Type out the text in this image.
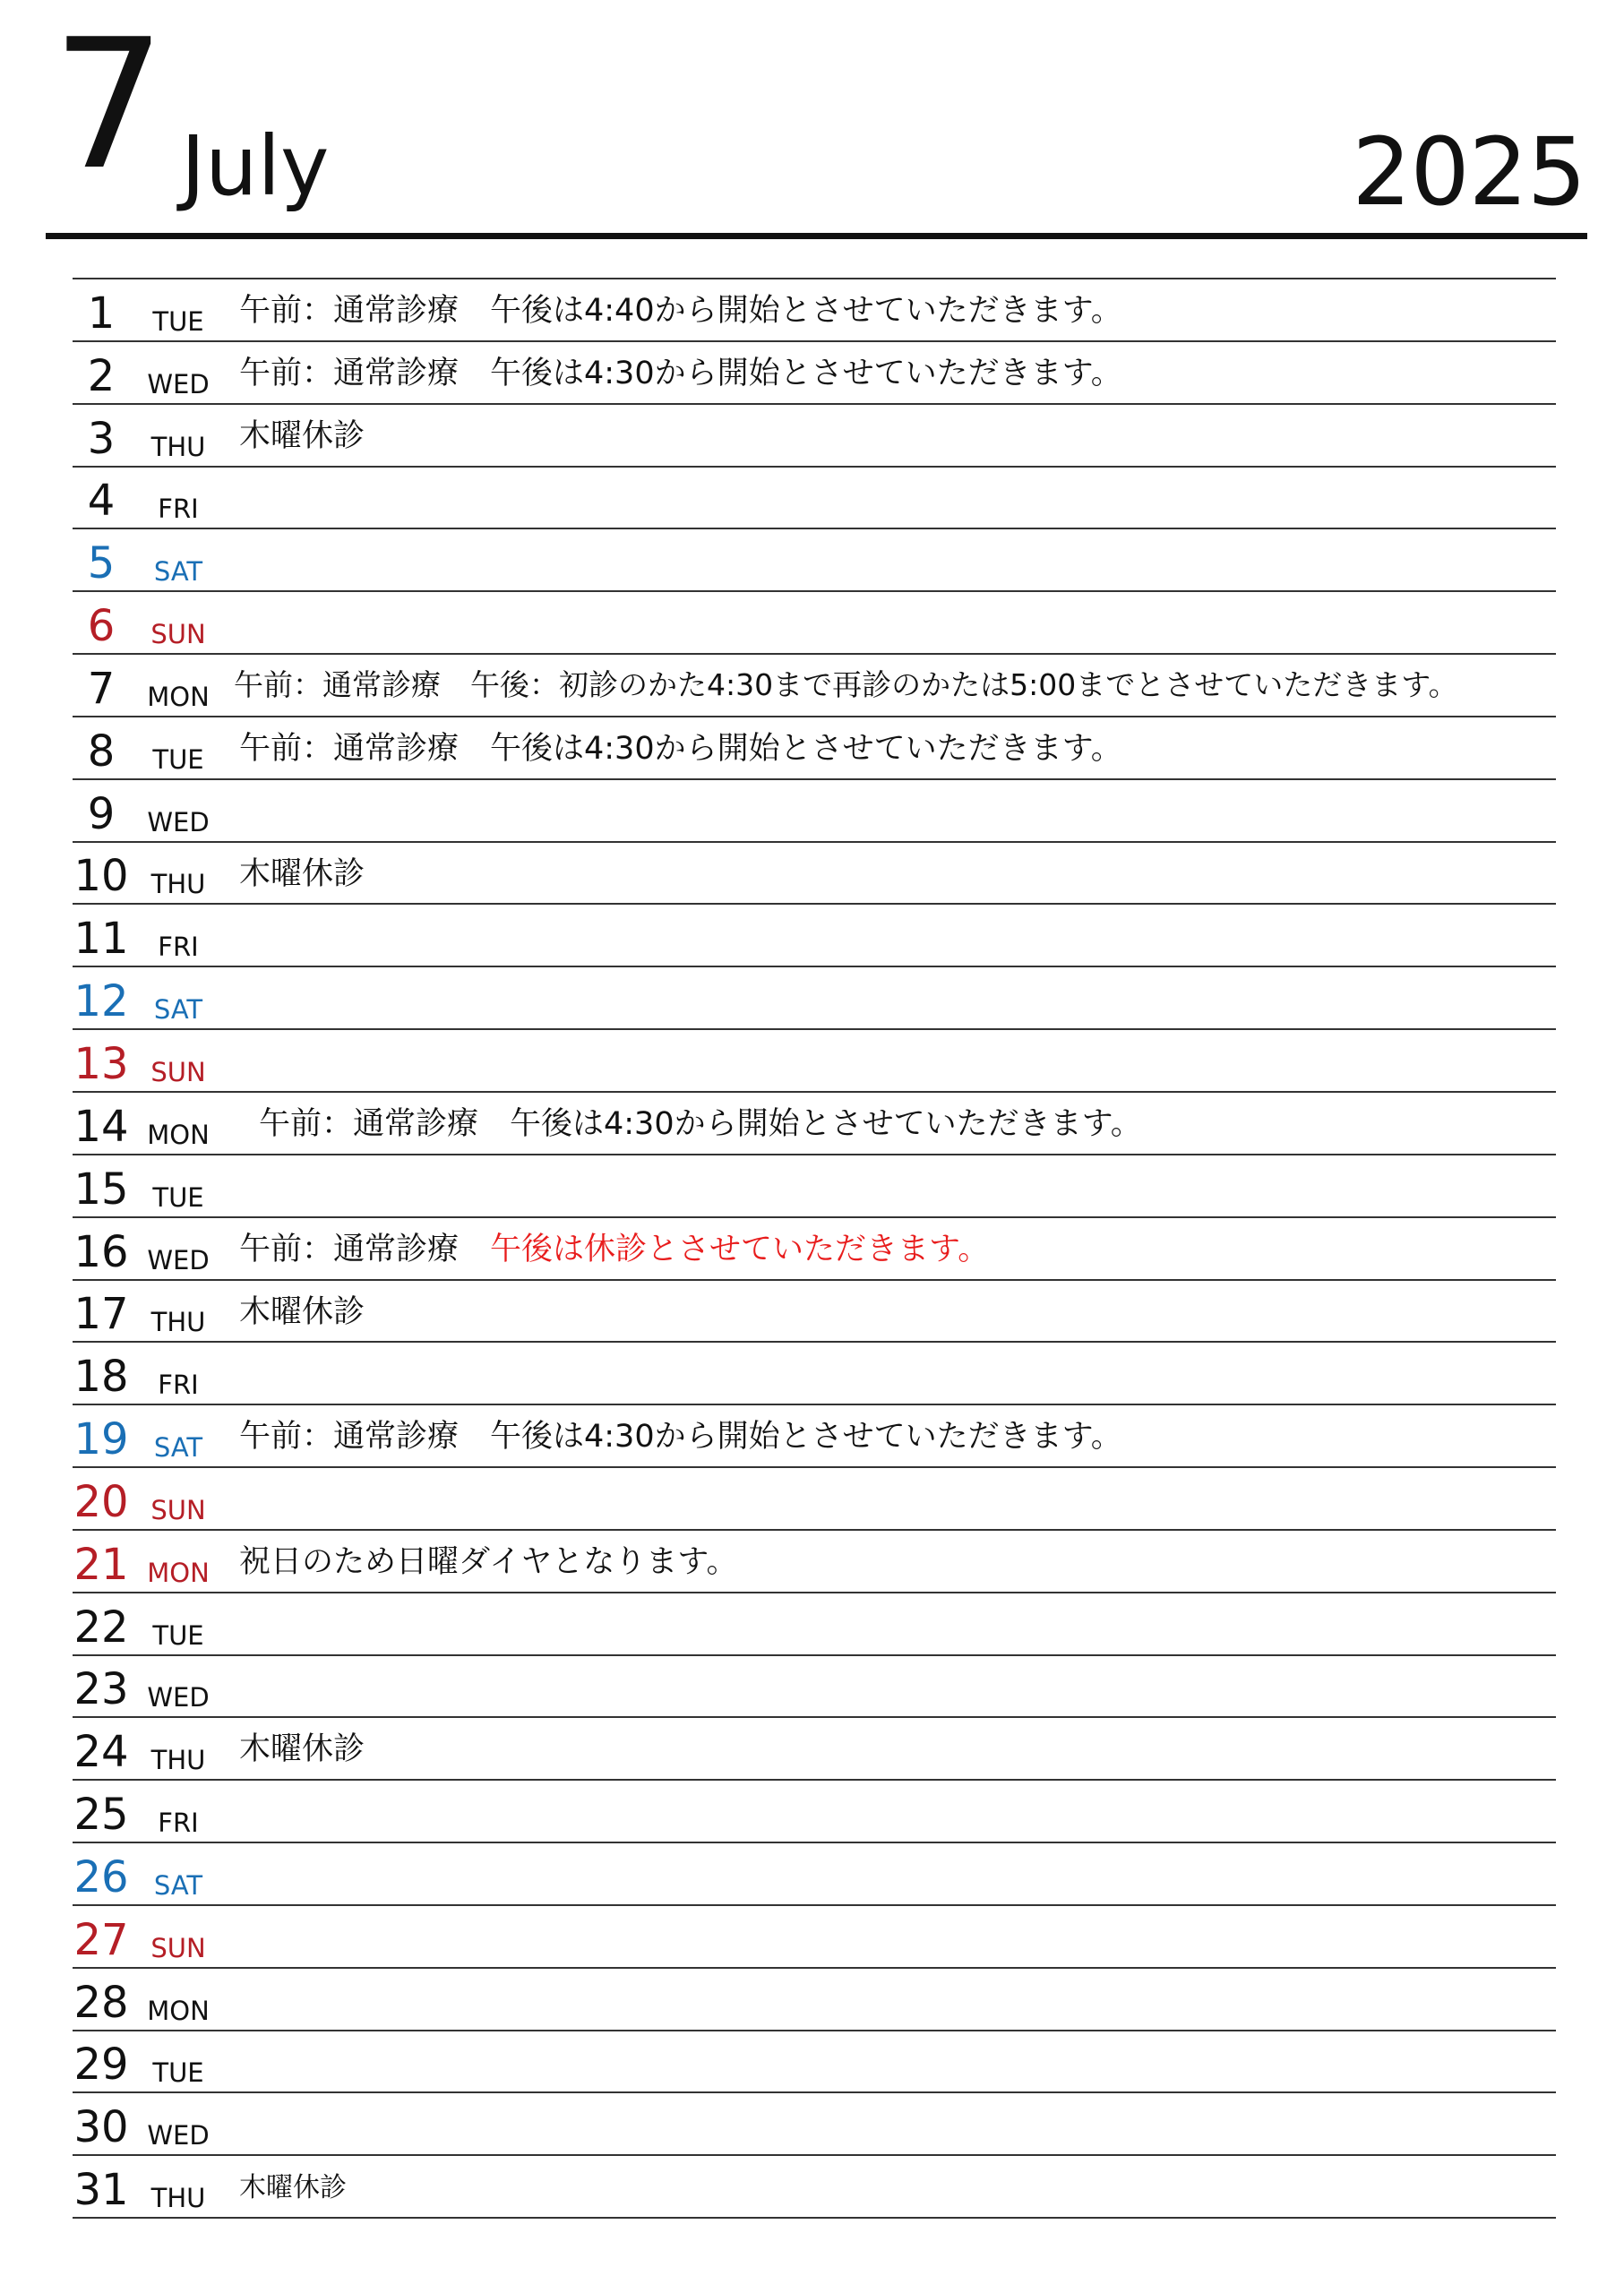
7 July	2025
1	TUE 午前：通常診療　午後は4:40から開始とさせていただきます。
2	WED 午前：通常診療　午後は4:30から開始とさせていただきます。
3	THU 木曜休診
4	FRI
5	SAT
6	SUN
7	MON 午前：通常診療　午後：初診のかた4:30まで再診のかたは5:00までとさせていただきます。
8	TUE 午前：通常診療　午後は4:30から開始とさせていただきます。
9	WED
10 THU 木曜休診
11	FRI
12 SAT
13 SUN
14 MON 午前：通常診療　午後は4:30から開始とさせていただきます。
15 TUE
16 WED 午前：通常診療　午後は休診とさせていただきます。
17 THU 木曜休診
18	FRI
19 SAT	午前：通常診療　午後は4:30から開始とさせていただきます。
20 SUN
21 MON 祝日のため日曜ダイヤとなります。
22 TUE
23 WED
24 THU 木曜休診
25	FRI
26 SAT
27 SUN
28 MON
29 TUE
30 WED
31 THU 木曜休診
